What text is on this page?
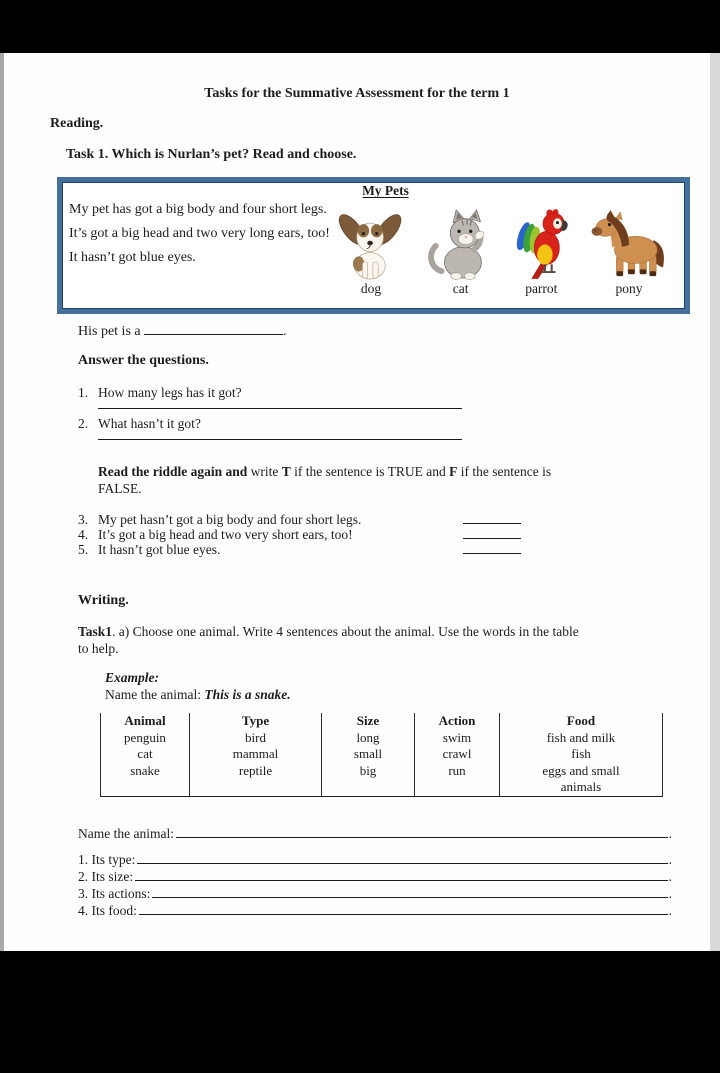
Tasks for the Summative Assessment for the term 1
Reading.
Task 1. Which is Nurlan’s pet? Read and choose.
My Pets
My pet has got a big body and four short legs.
It’s got a big head and two very long ears, too!
It hasn’t got blue eyes.
dog	cat	parrot	pony
His pet is a	.
Answer the questions.
1. How many legs has it got?
2. What hasn’t it got?
Read the riddle again and write T if the sentence is TRUE and F if the sentence is
FALSE.
3. My pet hasn’t got a big body and four short legs.
4. It’s got a big head and two very short ears, too!
5. It hasn’t got blue eyes.
Writing.
Task1. a) Choose one animal. Write 4 sentences about the animal. Use the words in the table
to help.
Example:
Name the animal: This is a snake.
Animal	Type	Size	Action	Food
penguin	bird	long	swim	fish and milk
cat	mammal	small	crawl	fish
snake	reptile	big	run	eggs and small animals
Name the animal:	.
1. Its type:	.
2. Its size:	.
3. Its actions:	.
4. Its food:	.
